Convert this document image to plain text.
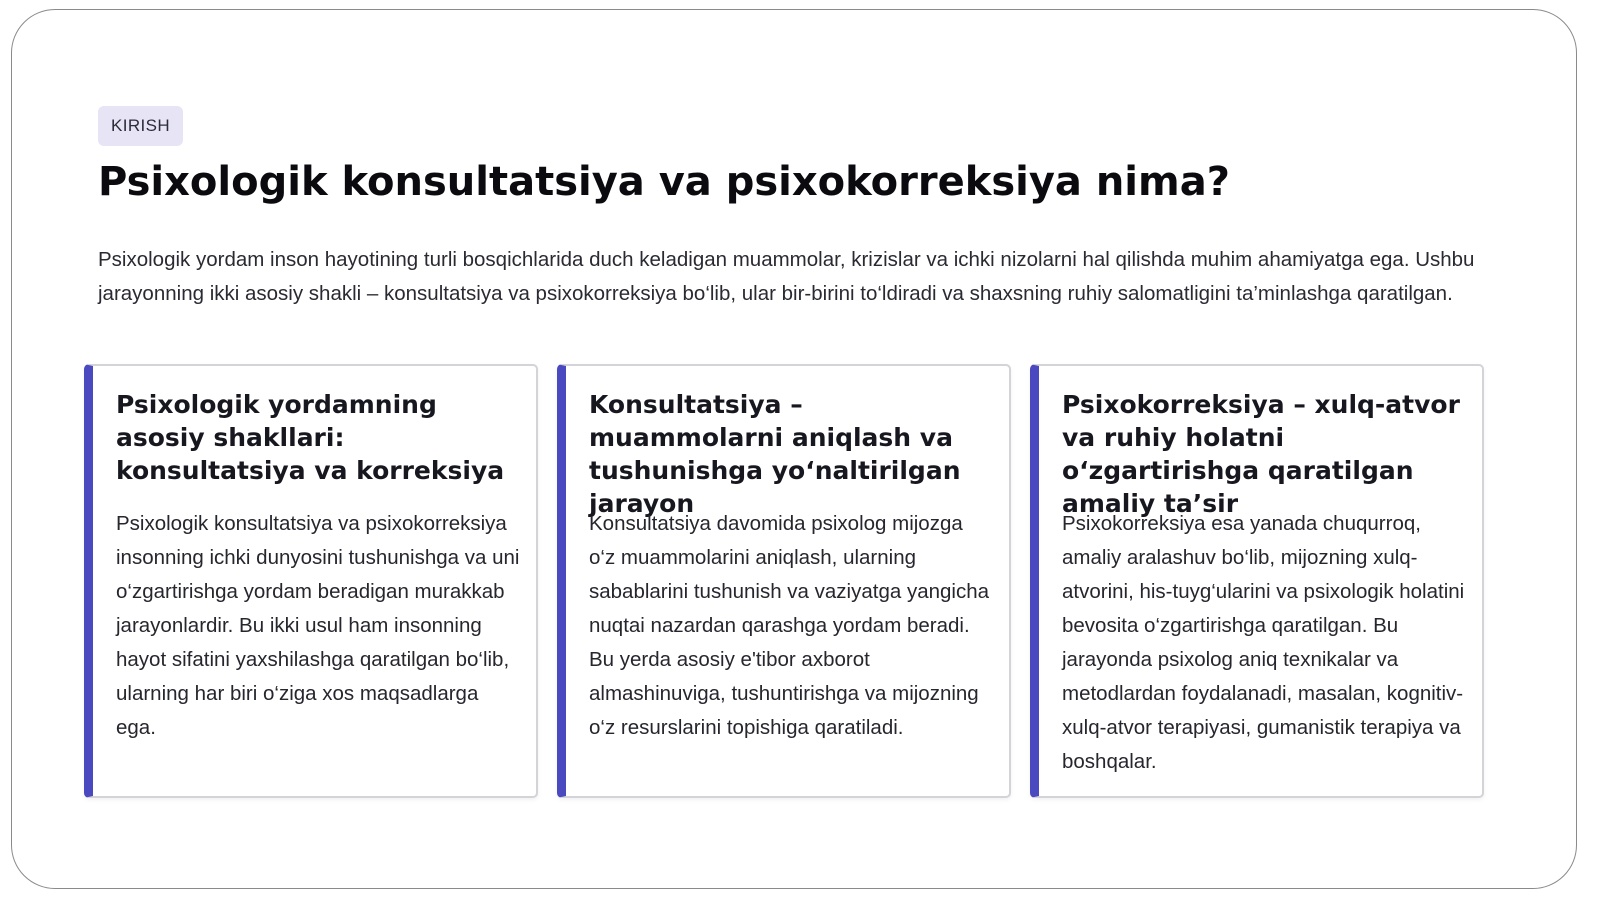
KIRISH
Psixologik konsultatsiya va psixokorreksiya nima?

Psixologik yordam inson hayotining turli bosqichlarida duch keladigan muammolar, krizislar va ichki nizolarni hal qilishda muhim ahamiyatga ega. Ushbu jarayonning ikki asosiy shakli – konsultatsiya va psixokorreksiya bo‘lib, ular bir-birini to‘ldiradi va shaxsning ruhiy salomatligini ta’minlashga qaratilgan.

Psixologik yordamning asosiy shakllari: konsultatsiya va korreksiya

Psixologik konsultatsiya va psixokorreksiya insonning ichki dunyosini tushunishga va uni o‘zgartirishga yordam beradigan murakkab jarayonlardir. Bu ikki usul ham insonning hayot sifatini yaxshilashga qaratilgan bo‘lib, ularning har biri o‘ziga xos maqsadlarga ega.

Konsultatsiya – muammolarni aniqlash va tushunishga yo‘naltirilgan jarayon

Konsultatsiya davomida psixolog mijozga o‘z muammolarini aniqlash, ularning sabablarini tushunish va vaziyatga yangicha nuqtai nazardan qarashga yordam beradi. Bu yerda asosiy e'tibor axborot almashinuviga, tushuntirishga va mijozning o‘z resurslarini topishiga qaratiladi.

Psixokorreksiya – xulq-atvor va ruhiy holatni o‘zgartirishga qaratilgan amaliy ta’sir

Psixokorreksiya esa yanada chuqurroq, amaliy aralashuv bo‘lib, mijozning xulq-atvorini, his-tuyg‘ularini va psixologik holatini bevosita o‘zgartirishga qaratilgan. Bu jarayonda psixolog aniq texnikalar va metodlardan foydalanadi, masalan, kognitiv-xulq-atvor terapiyasi, gumanistik terapiya va boshqalar.
